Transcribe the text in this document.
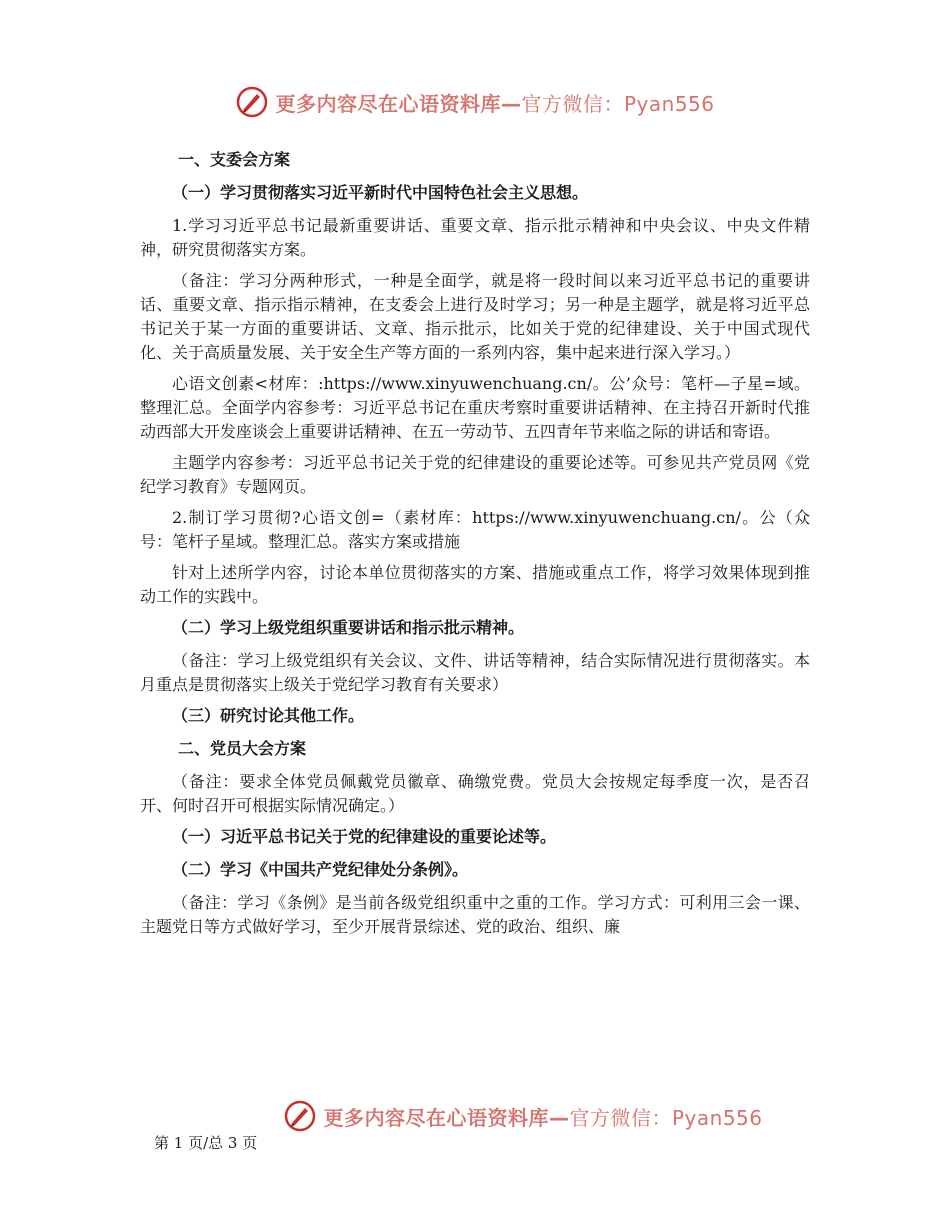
更多内容尽在心语资料库—官方微信：Pyan556

一、支委会方案

（一）学习贯彻落实习近平新时代中国特色社会主义思想。

1.学习习近平总书记最新重要讲话、重要文章、指示批示精神和中央会议、中央文件精神，研究贯彻落实方案。

（备注：学习分两种形式，一种是全面学，就是将一段时间以来习近平总书记的重要讲话、重要文章、指示指示精神，在支委会上进行及时学习；另一种是主题学，就是将习近平总书记关于某一方面的重要讲话、文章、指示批示，比如关于党的纪律建设、关于中国式现代化、关于高质量发展、关于安全生产等方面的一系列内容，集中起来进行深入学习。）

心语文创素<材库：:https://www.xinyuwenchuang.cn/。公’众号：笔杆—子星=域。整理汇总。全面学内容参考：习近平总书记在重庆考察时重要讲话精神、在主持召开新时代推动西部大开发座谈会上重要讲话精神、在五一劳动节、五四青年节来临之际的讲话和寄语。

主题学内容参考：习近平总书记关于党的纪律建设的重要论述等。可参见共产党员网《党纪学习教育》专题网页。

2.制订学习贯彻?心语文创=（素材库：https://www.xinyuwenchuang.cn/。公（众号：笔杆子星域。整理汇总。落实方案或措施

针对上述所学内容，讨论本单位贯彻落实的方案、措施或重点工作，将学习效果体现到推动工作的实践中。

（二）学习上级党组织重要讲话和指示批示精神。

（备注：学习上级党组织有关会议、文件、讲话等精神，结合实际情况进行贯彻落实。本月重点是贯彻落实上级关于党纪学习教育有关要求）

（三）研究讨论其他工作。

二、党员大会方案

（备注：要求全体党员佩戴党员徽章、确缴党费。党员大会按规定每季度一次，是否召开、何时召开可根据实际情况确定。）

（一）习近平总书记关于党的纪律建设的重要论述等。

（二）学习《中国共产党纪律处分条例》。

（备注：学习《条例》是当前各级党组织重中之重的工作。学习方式：可利用三会一课、主题党日等方式做好学习，至少开展背景综述、党的政治、组织、廉

更多内容尽在心语资料库—官方微信：Pyan556
第 1 页/总 3 页
